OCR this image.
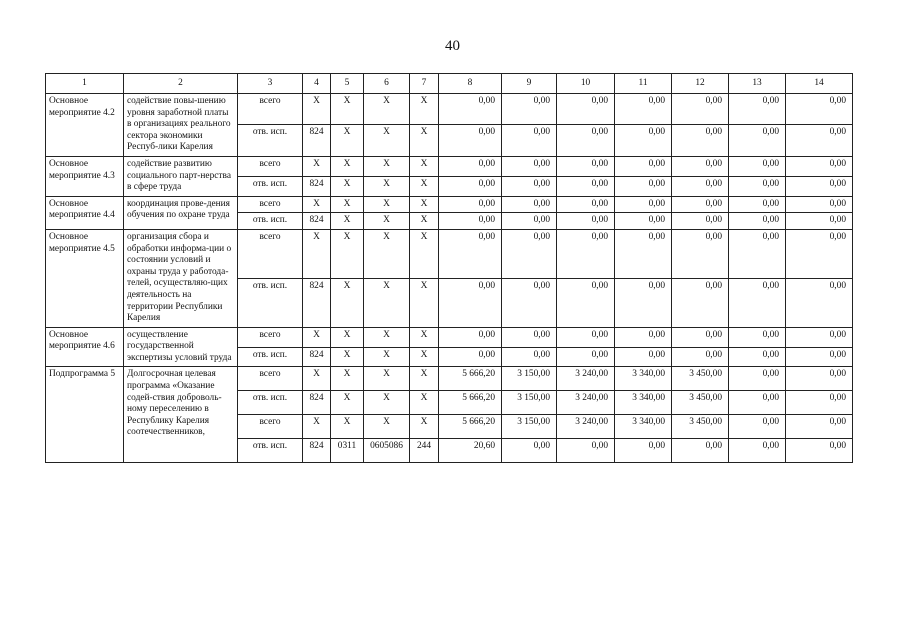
40
1	2	3	4	5	6	7	8	9	10	11	12	13	14
Основное мероприятие 4.2	содействие повы-шению уровня заработной платы в организациях реального сектора экономики Респуб-лики Карелия	всего	X	X	X	X	0,00	0,00	0,00	0,00	0,00	0,00	0,00
		отв. исп.	824	X	X	X	0,00	0,00	0,00	0,00	0,00	0,00	0,00
Основное мероприятие 4.3	содействие развитию социального парт-нерства в сфере труда	всего	X	X	X	X	0,00	0,00	0,00	0,00	0,00	0,00	0,00
		отв. исп.	824	X	X	X	0,00	0,00	0,00	0,00	0,00	0,00	0,00
Основное мероприятие 4.4	координация прове-дения обучения по охране труда	всего	X	X	X	X	0,00	0,00	0,00	0,00	0,00	0,00	0,00
		отв. исп.	824	X	X	X	0,00	0,00	0,00	0,00	0,00	0,00	0,00
Основное мероприятие 4.5	организация сбора и обработки информа-ции о состоянии условий и охраны труда у работода-телей, осуществляю-щих деятельность на территории Республики Карелия	всего	X	X	X	X	0,00	0,00	0,00	0,00	0,00	0,00	0,00
		отв. исп.	824	X	X	X	0,00	0,00	0,00	0,00	0,00	0,00	0,00
Основное мероприятие 4.6	осуществление государственной экспертизы условий труда	всего	X	X	X	X	0,00	0,00	0,00	0,00	0,00	0,00	0,00
		отв. исп.	824	X	X	X	0,00	0,00	0,00	0,00	0,00	0,00	0,00
Подпрограмма 5	Долгосрочная целевая программа «Оказание содей-ствия доброволь-ному переселению в Республику Карелия соотечественников,	всего	X	X	X	X	5 666,20	3 150,00	3 240,00	3 340,00	3 450,00	0,00	0,00
		отв. исп.	824	X	X	X	5 666,20	3 150,00	3 240,00	3 340,00	3 450,00	0,00	0,00
		всего	X	X	X	X	5 666,20	3 150,00	3 240,00	3 340,00	3 450,00	0,00	0,00
		отв. исп.	824	0311	0605086	244	20,60	0,00	0,00	0,00	0,00	0,00	0,00
